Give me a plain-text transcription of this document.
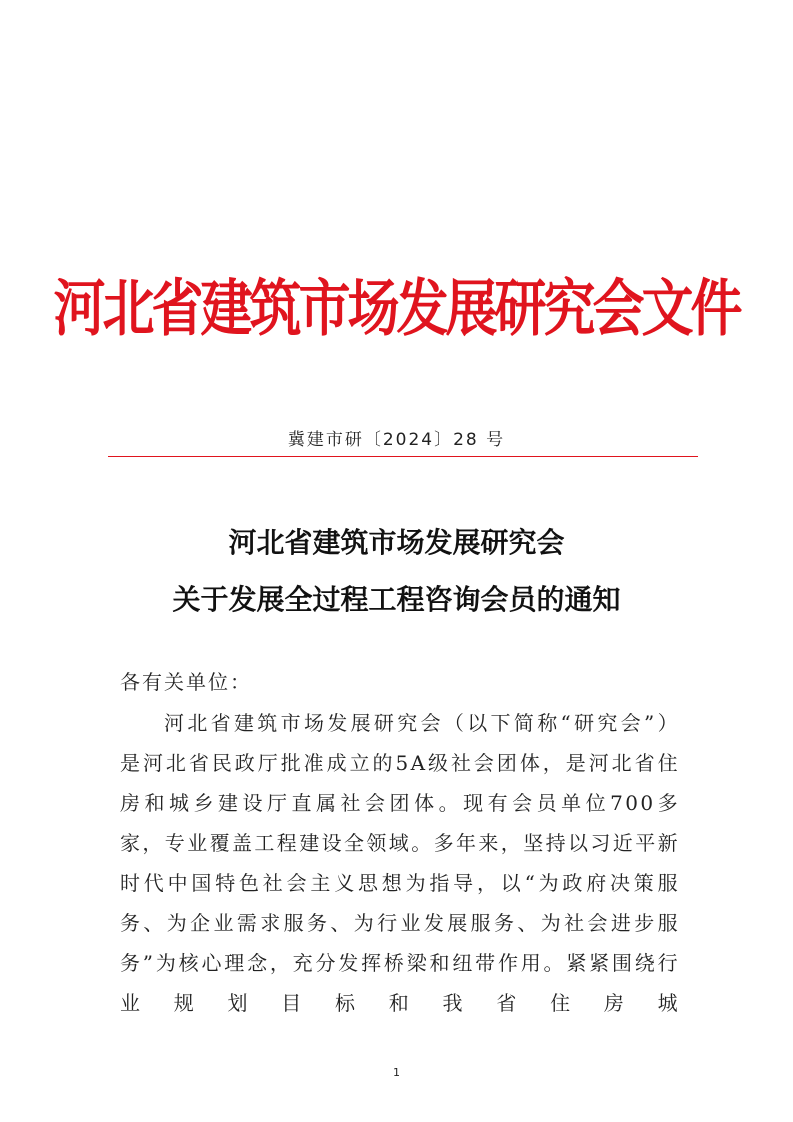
河北省建筑市场发展研究会文件
冀建市研〔2024〕28 号
河北省建筑市场发展研究会
关于发展全过程工程咨询会员的通知
各有关单位：

河北省建筑市场发展研究会（以下简称“研究会”）是河北省民政厅批准成立的5A级社会团体，是河北省住房和城乡建设厅直属社会团体。现有会员单位700多家，专业覆盖工程建设全领域。多年来，坚持以习近平新时代中国特色社会主义思想为指导，以“为政府决策服务、为企业需求服务、为行业发展服务、为社会进步服务”为核心理念，充分发挥桥梁和纽带作用。紧紧围绕行业规划目标和我省住房城

1
